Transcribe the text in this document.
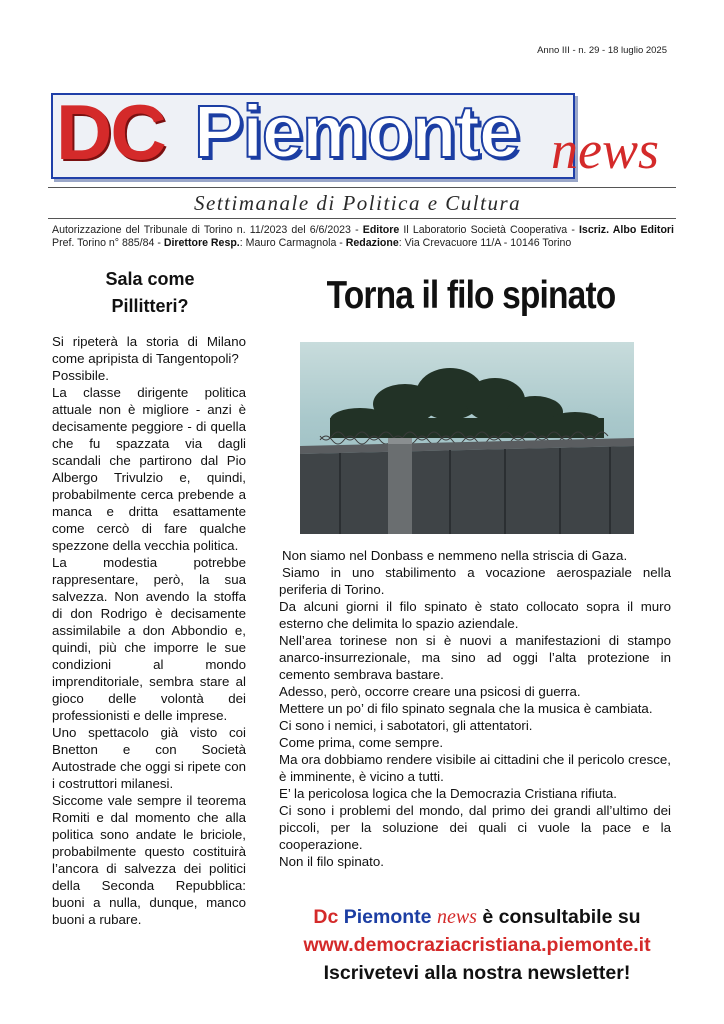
Anno III - n. 29 - 18 luglio 2025
DC Piemonte news
Settimanale di Politica e Cultura
Autorizzazione del Tribunale di Torino n. 11/2023 del 6/6/2023 - Editore Il Laboratorio Società Cooperativa - Iscriz. Albo Editori Pref. Torino n° 885/84 - Direttore Resp.: Mauro Carmagnola - Redazione: Via Crevacuore 11/A - 10146 Torino
Sala come
Pillitteri?

Si ripeterà la storia di Milano come apripista di Tangentopoli?

Possibile.

La classe dirigente politica attuale non è migliore - anzi è decisamente peggiore - di quella che fu spazzata via dagli scandali che partirono dal Pio Albergo Trivulzio e, quindi, probabilmente cerca prebende a manca e dritta esattamente come cercò di fare qualche spezzone della vecchia politica.

La modestia potrebbe rappresentare, però, la sua salvezza. Non avendo la stoffa di don Rodrigo è decisamente assimilabile a don Abbondio e, quindi, più che imporre le sue condizioni al mondo imprenditoriale, sembra stare al gioco delle volontà dei professionisti e delle imprese.

Uno spettacolo già visto coi Bnetton e con Società Autostrade che oggi si ripete con i costruttori milanesi.

Siccome vale sempre il teorema Romiti e dal momento che alla politica sono andate le briciole, probabilmente questo costituirà l’ancora di salvezza dei politici della Seconda Repubblica: buoni a nulla, dunque, manco buoni a rubare.

Torna il filo spinato

Non siamo nel Donbass e nemmeno nella striscia di Gaza.

Siamo in uno stabilimento a vocazione aerospaziale nella periferia di Torino.

Da alcuni giorni il filo spinato è stato collocato sopra il muro esterno che delimita lo spazio aziendale.

Nell’area torinese non si è nuovi a manifestazioni di stampo anarco-insurrezionale, ma sino ad oggi l’alta protezione in cemento sembrava bastare.

Adesso, però, occorre creare una psicosi di guerra.

Mettere un po’ di filo spinato segnala che la musica è cambiata.

Ci sono i nemici, i sabotatori, gli attentatori.

Come prima, come sempre.

Ma ora dobbiamo rendere visibile ai cittadini che il pericolo cresce, è imminente, è vicino a tutti.

E’ la pericolosa logica che la Democrazia Cristiana rifiuta.

Ci sono i problemi del mondo, dal primo dei grandi all’ultimo dei piccoli, per la soluzione dei quali ci vuole la pace e la cooperazione.

Non il filo spinato.

Dc Piemonte news è consultabile su
www.democraziacristiana.piemonte.it
Iscrivetevi alla nostra newsletter!
